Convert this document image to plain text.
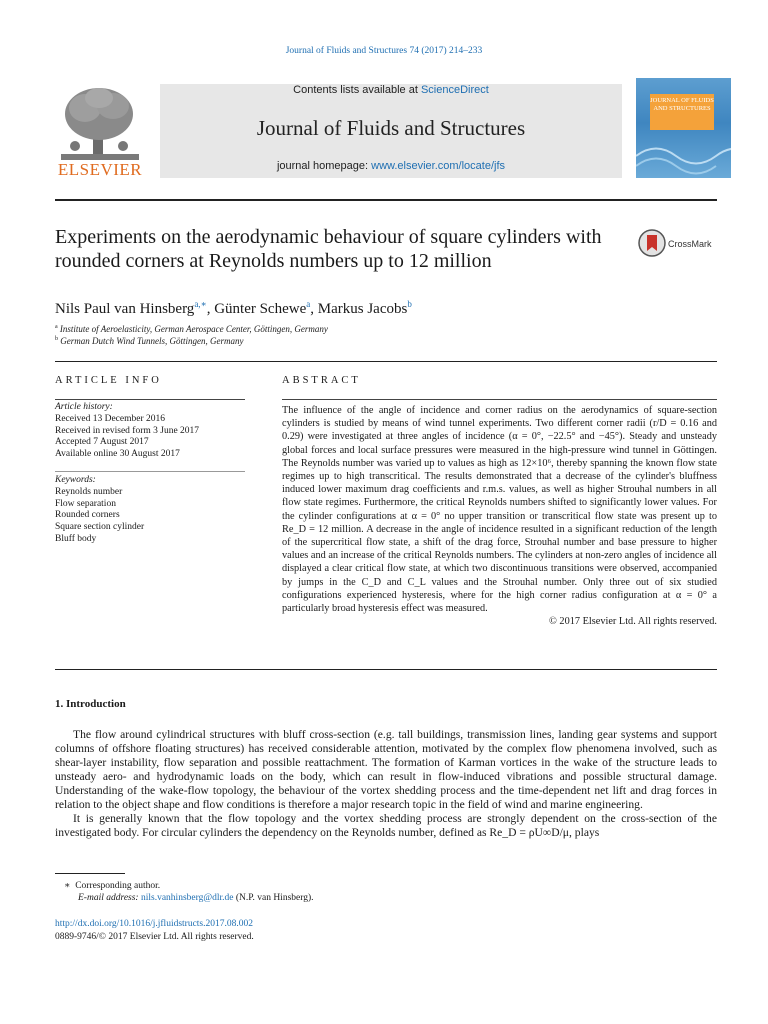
Journal of Fluids and Structures 74 (2017) 214–233
ELSEVIER
Contents lists available at ScienceDirect
Journal of Fluids and Structures
journal homepage: www.elsevier.com/locate/jfs
JOURNAL OF FLUIDS AND STRUCTURES
Experiments on the aerodynamic behaviour of square cylinders with rounded corners at Reynolds numbers up to 12 million
CrossMark
Nils Paul van Hinsberg$^{a,∗}$, Günter Schewe$^a$, Markus Jacobs$^b$
$^a$ Institute of Aeroelasticity, German Aerospace Center, Göttingen, Germany
$^b$ German Dutch Wind Tunnels, Göttingen, Germany
ARTICLE INFO
Article history:
Received 13 December 2016
Received in revised form 3 June 2017
Accepted 7 August 2017
Available online 30 August 2017
Keywords:
Reynolds number
Flow separation
Rounded corners
Square section cylinder
Bluff body
ABSTRACT
The influence of the angle of incidence and corner radius on the aerodynamics of square-section cylinders is studied by means of wind tunnel experiments. Two different corner radii (r/D = 0.16 and 0.29) were investigated at three angles of incidence (α = 0°, −22.5° and −45°). Steady and unsteady global forces and local surface pressures were measured in the high-pressure wind tunnel in Göttingen. The Reynolds number was varied up to values as high as 12×10⁶, thereby spanning the known flow state regimes up to high transcritical. The results demonstrated that a decrease of the cylinder's bluffness induced lower maximum drag coefficients and r.m.s. values, as well as higher Strouhal numbers in all flow state regimes. Furthermore, the critical Reynolds numbers shifted to significantly lower values. For the cylinder configurations at α = 0° no upper transition or transcritical flow state was present up to Re_D = 12 million. A decrease in the angle of incidence resulted in a significant reduction of the length of the supercritical flow state, a shift of the drag force, Strouhal number and base pressure to higher values and an increase of the critical Reynolds numbers. The cylinders at non-zero angles of incidence all displayed a clear critical flow state, at which two discontinuous transitions were observed, accompanied by jumps in the C_D and C_L values and the Strouhal number. Only three out of six studied configurations experienced hysteresis, where for the high corner radius configuration at α = 0° a particularly broad hysteresis effect was measured.
© 2017 Elsevier Ltd. All rights reserved.
1. Introduction

The flow around cylindrical structures with bluff cross-section (e.g. tall buildings, transmission lines, landing gear systems and support columns of offshore floating structures) has received considerable attention, motivated by the complex flow phenomena involved, such as shear-layer instability, flow separation and possible reattachment. The formation of Karman vortices in the wake of the structure leads to unsteady aero- and hydrodynamic loads on the body, which can result in flow-induced vibrations and possible structural damage. Understanding of the wake-flow topology, the behaviour of the vortex shedding process and the time-dependent net lift and drag forces in relation to the object shape and flow conditions is therefore a major research topic in the field of wind and marine engineering.

It is generally known that the flow topology and the vortex shedding process are strongly dependent on the cross-section of the investigated body. For circular cylinders the dependency on the Reynolds number, defined as Re_D = ρU∞D/μ, plays

∗ Corresponding author.
E-mail address: nils.vanhinsberg@dlr.de (N.P. van Hinsberg).
http://dx.doi.org/10.1016/j.jfluidstructs.2017.08.002
0889-9746/© 2017 Elsevier Ltd. All rights reserved.
